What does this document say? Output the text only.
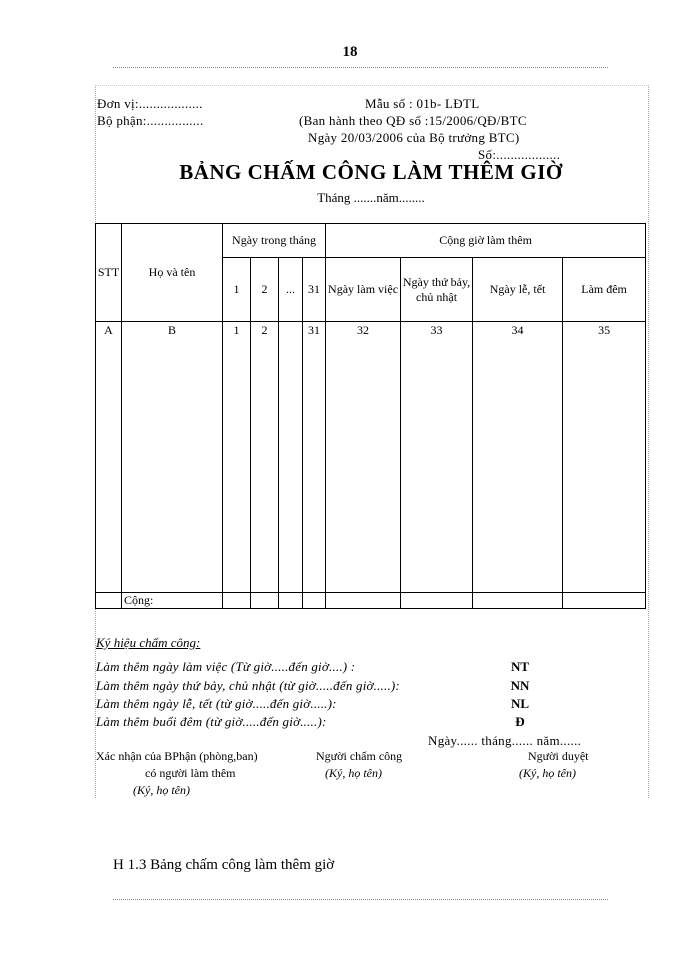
18
Đơn vị:..................
Bộ phận:................
Mẫu số : 01b- LĐTL
(Ban hành theo QĐ số :15/2006/QĐ/BTC
Ngày 20/03/2006 của Bộ trưởng BTC)
Số:..................
BẢNG CHẤM CÔNG LÀM THÊM GIỜ
Tháng .......năm........
STT	Họ và tên	Ngày trong tháng				Cộng giờ làm thêm			
		1	2	...	31	Ngày làm việc	Ngày thứ bảy, chủ nhật	Ngày lễ, tết	Làm đêm
A	B	1	2		31	32	33	34	35

	Cộng:								
Ký hiệu chấm công:
Làm thêm ngày làm việc (Từ giờ.....đến giờ....) :	NT
Làm thêm ngày thứ bảy, chủ nhật (từ giờ.....đến giờ.....):	NN
Làm thêm ngày lễ, tết (từ giờ.....đến giờ.....):	NL
Làm thêm buổi đêm (từ giờ.....đến giờ.....):	Đ
Ngày...... tháng...... năm......
Xác nhận của BPhận (phòng,ban)
có người làm thêm
(Ký, họ tên)
Người chấm công
(Ký, họ tên)
Người duyệt
(Ký, họ tên)
H 1.3 Bảng chấm công làm thêm giờ
